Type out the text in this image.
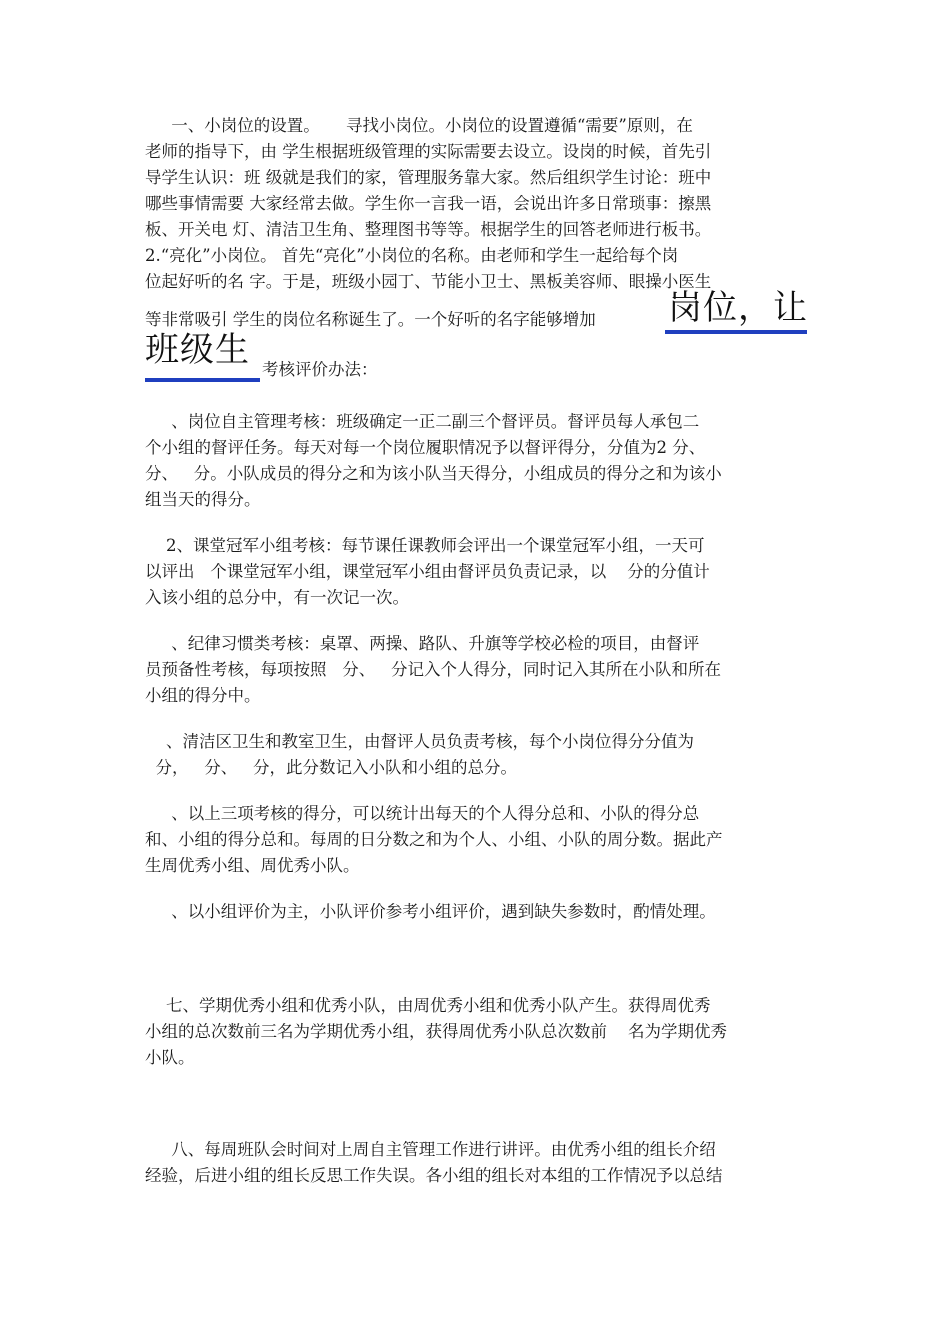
一、小岗位的设置。     寻找小岗位。小岗位的设置遵循“需要”原则，在
老师的指导下，由 学生根据班级管理的实际需要去设立。设岗的时候，首先引
导学生认识：班 级就是我们的家，管理服务靠大家。然后组织学生讨论：班中
哪些事情需要 大家经常去做。学生你一言我一语，会说出许多日常琐事：擦黑
板、开关电 灯、清洁卫生角、整理图书等等。根据学生的回答老师进行板书。
2.“亮化”小岗位。 首先“亮化”小岗位的名称。由老师和学生一起给每个岗
位起好听的名 字。于是，班级小园丁、节能小卫士、黑板美容师、眼操小医生
等非常吸引 学生的岗位名称诞生了。一个好听的名字能够增加 岗位，让
班级生 考核评价办法：
、岗位自主管理考核：班级确定一正二副三个督评员。督评员每人承包二
个小组的督评任务。每天对每一个岗位履职情况予以督评得分，分值为2 分、
分、   分。小队成员的得分之和为该小队当天得分，小组成员的得分之和为该小
组当天的得分。
2、课堂冠军小组考核：每节课任课教师会评出一个课堂冠军小组，一天可
以评出   个课堂冠军小组，课堂冠军小组由督评员负责记录，以    分的分值计
入该小组的总分中，有一次记一次。
、纪律习惯类考核：桌罩、两操、路队、升旗等学校必检的项目，由督评
员预备性考核，每项按照   分、   分记入个人得分，同时记入其所在小队和所在
小组的得分中。
、清洁区卫生和教室卫生，由督评人员负责考核，每个小岗位得分分值为
分，   分、   分，此分数记入小队和小组的总分。
、以上三项考核的得分，可以统计出每天的个人得分总和、小队的得分总
和、小组的得分总和。每周的日分数之和为个人、小组、小队的周分数。据此产
生周优秀小组、周优秀小队。
、以小组评价为主，小队评价参考小组评价，遇到缺失参数时，酌情处理。
七、学期优秀小组和优秀小队，由周优秀小组和优秀小队产生。获得周优秀
小组的总次数前三名为学期优秀小组，获得周优秀小队总次数前    名为学期优秀
小队。
八、每周班队会时间对上周自主管理工作进行讲评。由优秀小组的组长介绍
经验，后进小组的组长反思工作失误。各小组的组长对本组的工作情况予以总结
